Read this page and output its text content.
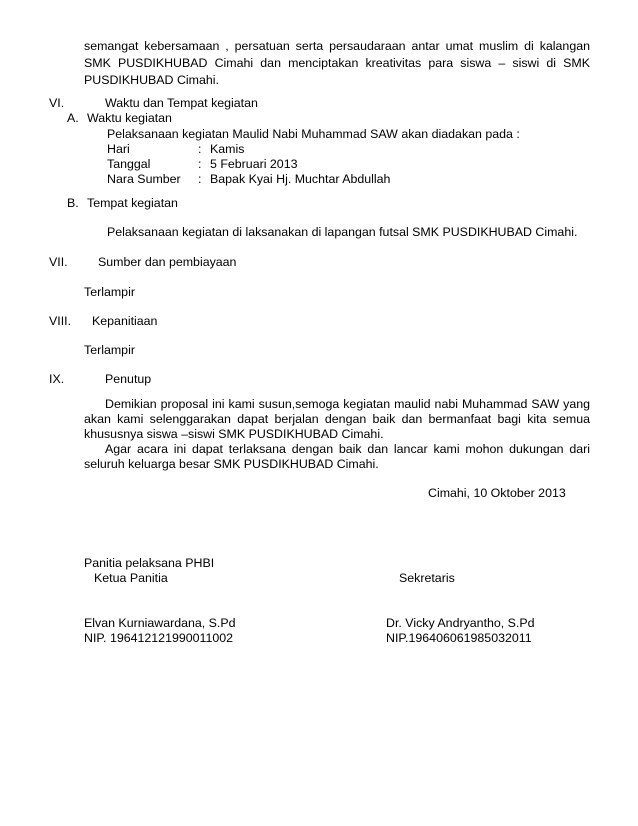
semangat kebersamaan , persatuan serta persaudaraan antar umat muslim di kalangan
SMK PUSDIKHUBAD Cimahi dan menciptakan kreativitas para siswa – siswi di SMK
PUSDIKHUBAD Cimahi.
VI.	Waktu dan Tempat kegiatan
A. Waktu kegiatan
Pelaksanaan kegiatan Maulid Nabi Muhammad SAW akan diadakan pada :
Hari	: Kamis
Tanggal	: 5 Februari 2013
Nara Sumber : Bapak Kyai Hj. Muchtar Abdullah
B. Tempat kegiatan
Pelaksanaan kegiatan di laksanakan di lapangan futsal SMK PUSDIKHUBAD Cimahi.
VII. Sumber dan pembiayaan
Terlampir
VIII. Kepanitiaan
Terlampir
IX.	Penutup
Demikian proposal ini kami susun,semoga kegiatan maulid nabi Muhammad SAW yang
akan kami selenggarakan dapat berjalan dengan baik dan bermanfaat bagi kita semua
khususnya siswa –siswi SMK PUSDIKHUBAD Cimahi.
Agar acara ini dapat terlaksana dengan baik dan lancar kami mohon dukungan dari
seluruh keluarga besar SMK PUSDIKHUBAD Cimahi.
Cimahi, 10 Oktober 2013
Panitia pelaksana PHBI
Ketua Panitia	Sekretaris
Elvan Kurniawardana, S.Pd
NIP. 196412121990011002
Dr. Vicky Andryantho, S.Pd
NIP.196406061985032011
